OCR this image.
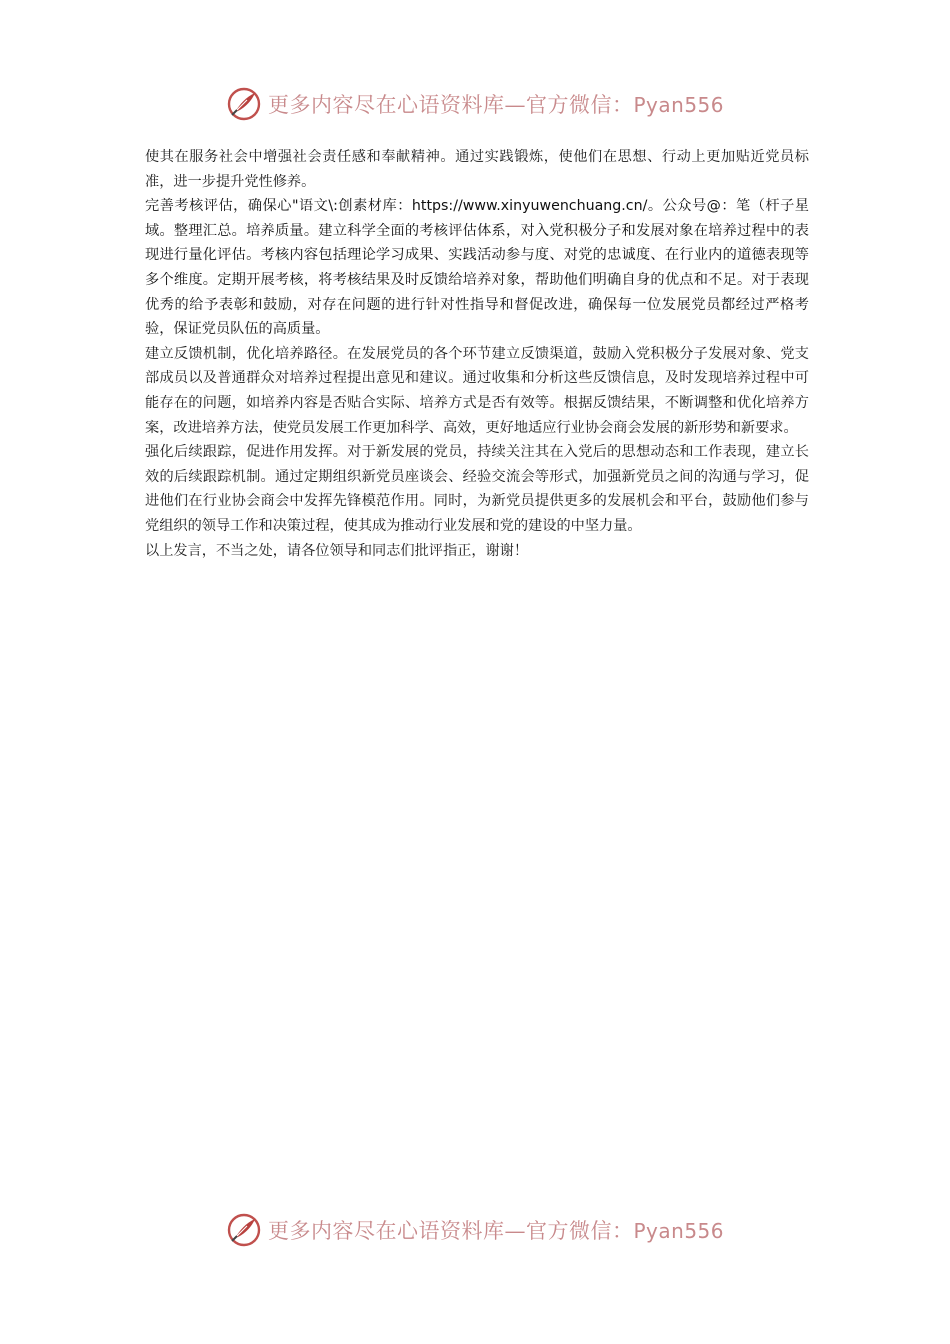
更多内容尽在心语资料库—官方微信：Pyan556

使其在服务社会中增强社会责任感和奉献精神。通过实践锻炼，使他们在思想、行动上更加贴近党员标准，进一步提升党性修养。

完善考核评估，确保心"语文\:创素材库：https://www.xinyuwenchuang.cn/。公众号@：笔（杆子星域。整理汇总。培养质量。建立科学全面的考核评估体系，对入党积极分子和发展对象在培养过程中的表现进行量化评估。考核内容包括理论学习成果、实践活动参与度、对党的忠诚度、在行业内的道德表现等多个维度。定期开展考核，将考核结果及时反馈给培养对象，帮助他们明确自身的优点和不足。对于表现优秀的给予表彰和鼓励，对存在问题的进行针对性指导和督促改进，确保每一位发展党员都经过严格考验，保证党员队伍的高质量。

建立反馈机制，优化培养路径。在发展党员的各个环节建立反馈渠道，鼓励入党积极分子发展对象、党支部成员以及普通群众对培养过程提出意见和建议。通过收集和分析这些反馈信息，及时发现培养过程中可能存在的问题，如培养内容是否贴合实际、培养方式是否有效等。根据反馈结果，不断调整和优化培养方案，改进培养方法，使党员发展工作更加科学、高效，更好地适应行业协会商会发展的新形势和新要求。

强化后续跟踪，促进作用发挥。对于新发展的党员，持续关注其在入党后的思想动态和工作表现，建立长效的后续跟踪机制。通过定期组织新党员座谈会、经验交流会等形式，加强新党员之间的沟通与学习，促进他们在行业协会商会中发挥先锋模范作用。同时，为新党员提供更多的发展机会和平台，鼓励他们参与党组织的领导工作和决策过程，使其成为推动行业发展和党的建设的中坚力量。

以上发言，不当之处，请各位领导和同志们批评指正，谢谢！

更多内容尽在心语资料库—官方微信：Pyan556
